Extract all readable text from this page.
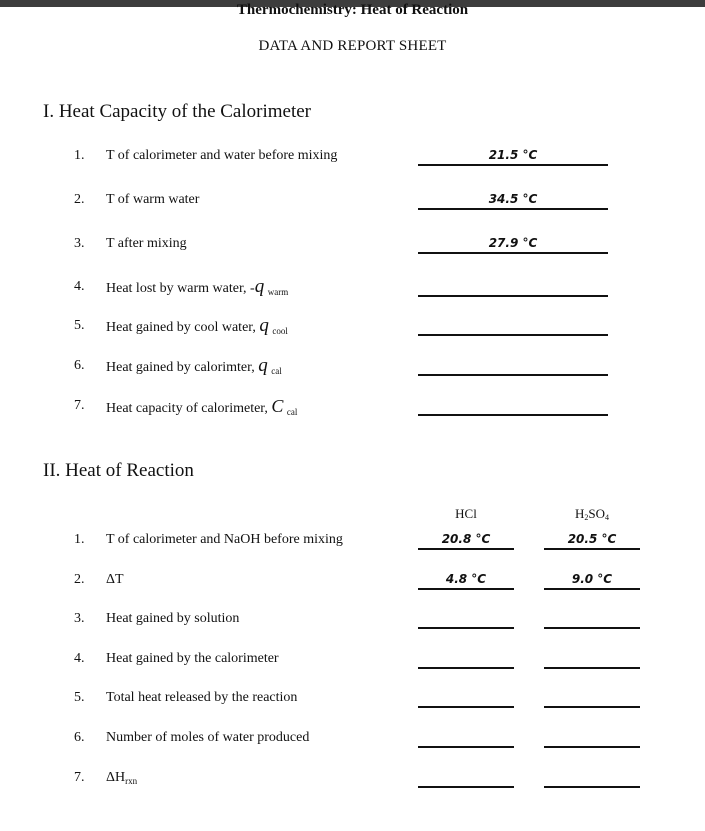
Thermochemistry: Heat of Reaction
DATA AND REPORT SHEET
I. Heat Capacity of the Calorimeter
1. T of calorimeter and water before mixing	21.5 °C
2. T of warm water	34.5 °C
3. T after mixing	27.9 °C
4. Heat lost by warm water, -q $_{warm}$
5. Heat gained by cool water, q $_{cool}$
6. Heat gained by calorimter, q $_{cal}$
7. Heat capacity of calorimeter, C $_{cal}$
II. Heat of Reaction
HCl	$H_2SO_4$
1. T of calorimeter and NaOH before mixing	20.8 °C	20.5 °C
2. ΔT	4.8 °C	9.0 °C
3. Heat gained by solution
4. Heat gained by the calorimeter
5. Total heat released by the reaction
6. Number of moles of water produced
7. $\Delta H_{rxn}$
